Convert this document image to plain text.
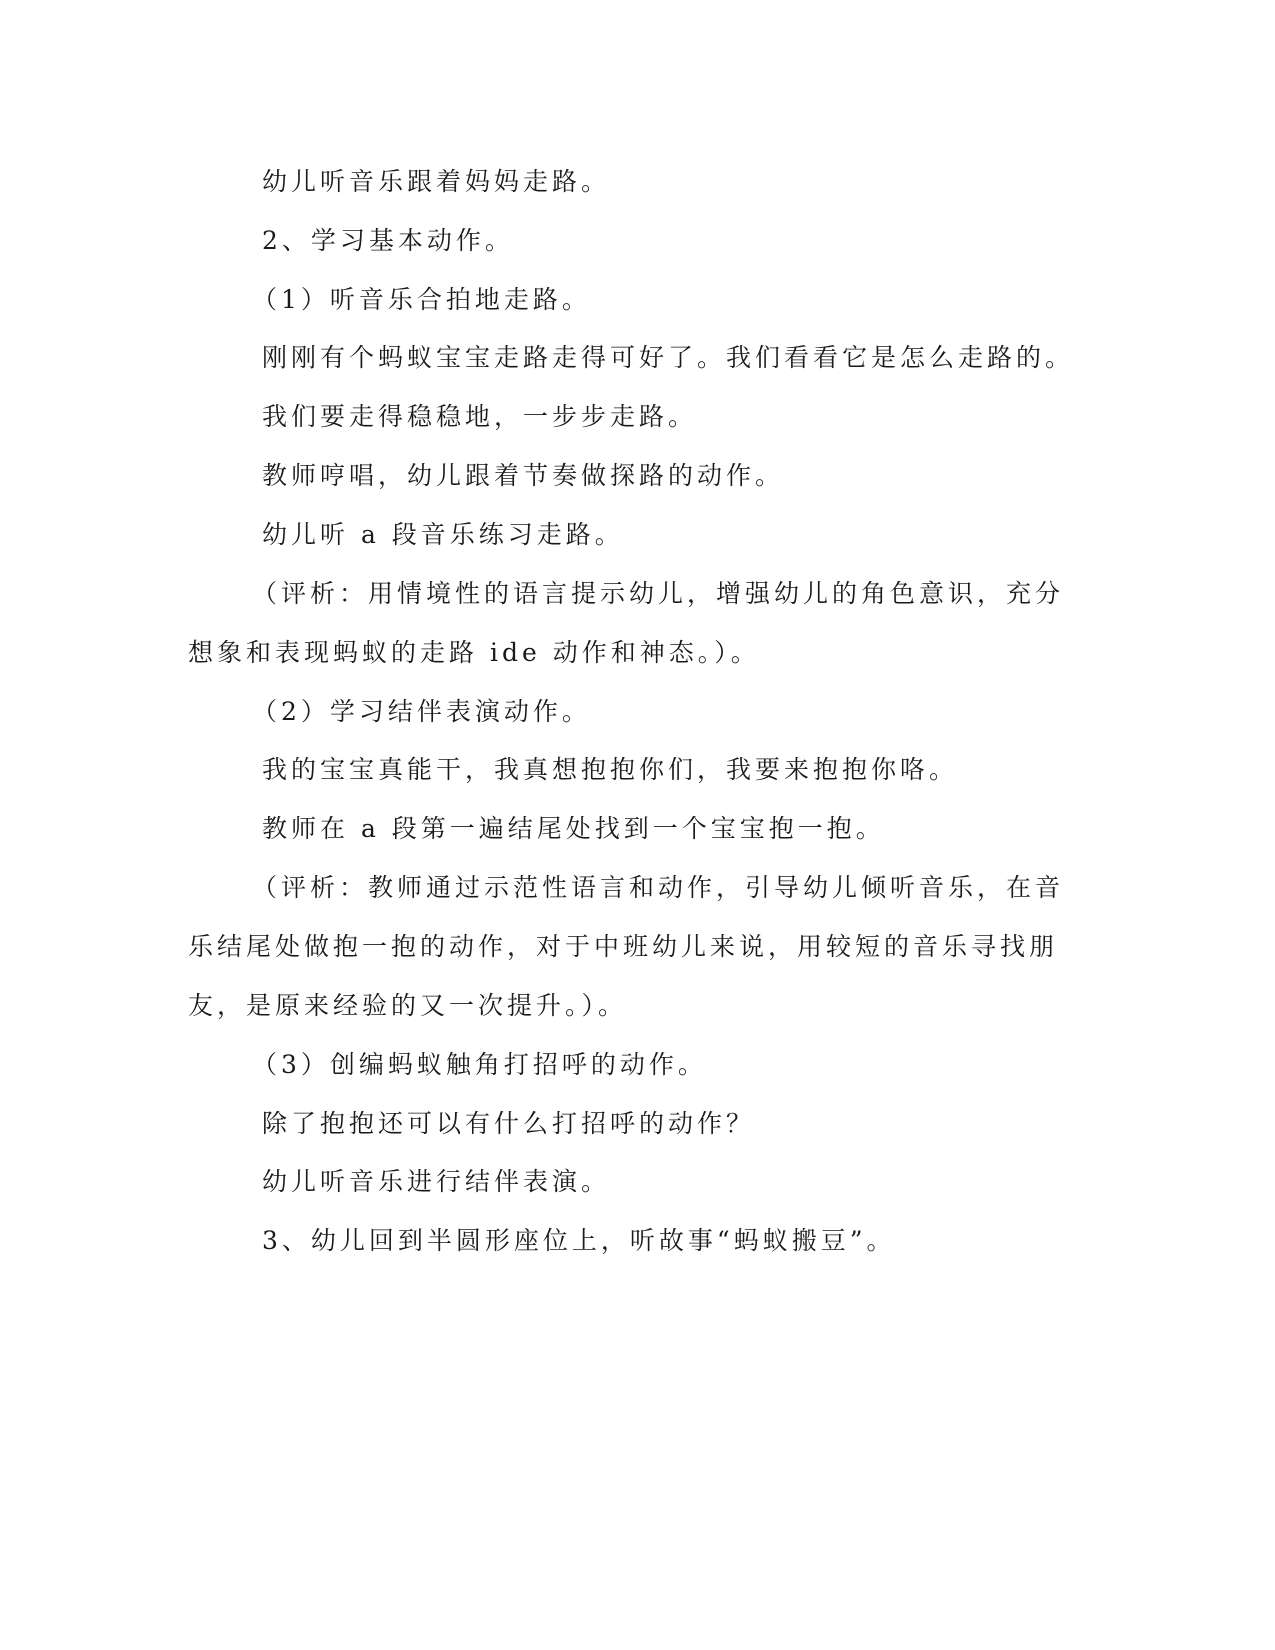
幼儿听音乐跟着妈妈走路。
2、学习基本动作。
（1）听音乐合拍地走路。
刚刚有个蚂蚁宝宝走路走得可好了。我们看看它是怎么走路的。
我们要走得稳稳地，一步步走路。
教师哼唱，幼儿跟着节奏做探路的动作。
幼儿听 a 段音乐练习走路。
（评析：用情境性的语言提示幼儿，增强幼儿的角色意识，充分
想象和表现蚂蚁的走路 ide 动作和神态。）。
（2）学习结伴表演动作。
我的宝宝真能干，我真想抱抱你们，我要来抱抱你咯。
教师在 a 段第一遍结尾处找到一个宝宝抱一抱。
（评析：教师通过示范性语言和动作，引导幼儿倾听音乐，在音
乐结尾处做抱一抱的动作，对于中班幼儿来说，用较短的音乐寻找朋
友，是原来经验的又一次提升。）。
（3）创编蚂蚁触角打招呼的动作。
除了抱抱还可以有什么打招呼的动作？
幼儿听音乐进行结伴表演。
3、幼儿回到半圆形座位上，听故事“蚂蚁搬豆”。
